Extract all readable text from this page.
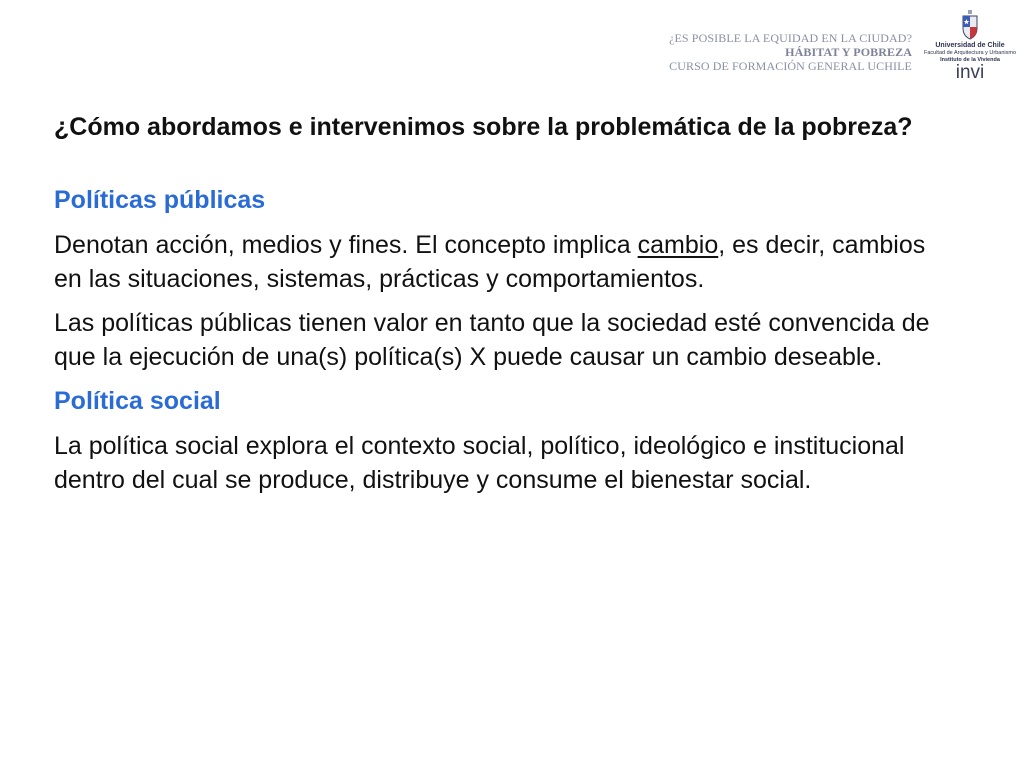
¿ES POSIBLE LA EQUIDAD EN LA CIUDAD?
HÁBITAT Y POBREZA
CURSO DE FORMACIÓN GENERAL UCHILE
Universidad de Chile
Facultad de Arquitectura y Urbanismo
Instituto de la Vivienda
invi

¿Cómo abordamos e intervenimos sobre la problemática de la pobreza?

Políticas públicas

Denotan acción, medios y fines. El concepto implica cambio, es decir, cambios en las situaciones, sistemas, prácticas y comportamientos.

Las políticas públicas tienen valor en tanto que la sociedad esté convencida de que la ejecución de una(s) política(s) X puede causar un cambio deseable.

Política social

La política social explora el contexto social, político, ideológico e institucional dentro del cual se produce, distribuye y consume el bienestar social.
